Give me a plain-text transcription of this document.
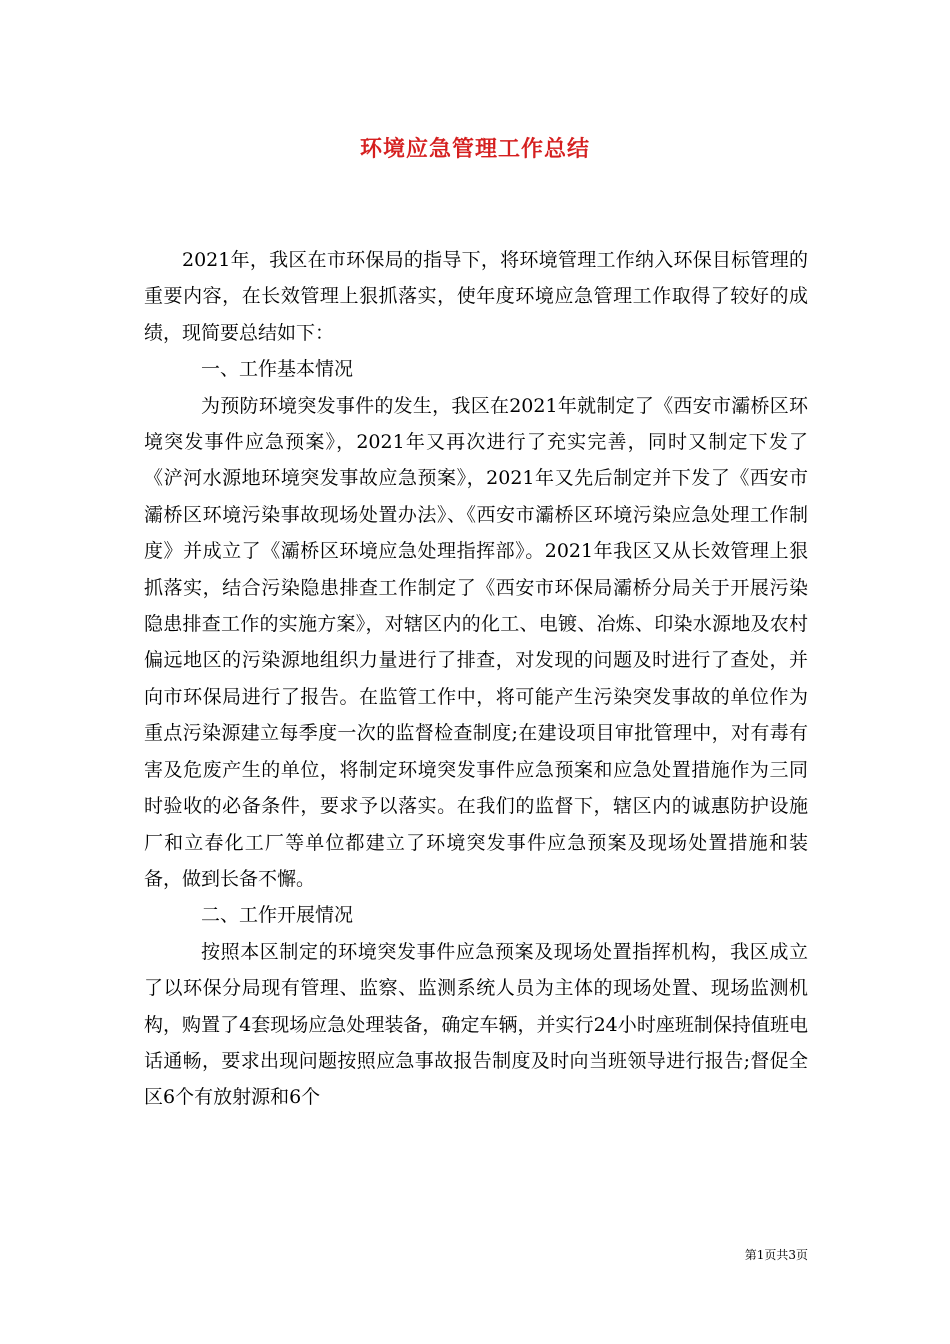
环境应急管理工作总结

2021年，我区在市环保局的指导下，将环境管理工作纳入环保目标管理的重要内容，在长效管理上狠抓落实，使年度环境应急管理工作取得了较好的成绩，现简要总结如下：

一、工作基本情况

为预防环境突发事件的发生，我区在2021年就制定了《西安市灞桥区环境突发事件应急预案》，2021年又再次进行了充实完善，同时又制定下发了《浐河水源地环境突发事故应急预案》，2021年又先后制定并下发了《西安市灞桥区环境污染事故现场处置办法》、《西安市灞桥区环境污染应急处理工作制度》并成立了《灞桥区环境应急处理指挥部》。2021年我区又从长效管理上狠抓落实，结合污染隐患排查工作制定了《西安市环保局灞桥分局关于开展污染隐患排查工作的实施方案》，对辖区内的化工、电镀、冶炼、印染水源地及农村偏远地区的污染源地组织力量进行了排查，对发现的问题及时进行了查处，并向市环保局进行了报告。在监管工作中，将可能产生污染突发事故的单位作为重点污染源建立每季度一次的监督检查制度;在建设项目审批管理中，对有毒有害及危废产生的单位，将制定环境突发事件应急预案和应急处置措施作为三同时验收的必备条件，要求予以落实。在我们的监督下，辖区内的诚惠防护设施厂和立春化工厂等单位都建立了环境突发事件应急预案及现场处置措施和装备，做到长备不懈。

二、工作开展情况

按照本区制定的环境突发事件应急预案及现场处置指挥机构，我区成立了以环保分局现有管理、监察、监测系统人员为主体的现场处置、现场监测机构，购置了4套现场应急处理装备，确定车辆，并实行24小时座班制保持值班电话通畅，要求出现问题按照应急事故报告制度及时向当班领导进行报告;督促全区6个有放射源和6个

第1页共3页
